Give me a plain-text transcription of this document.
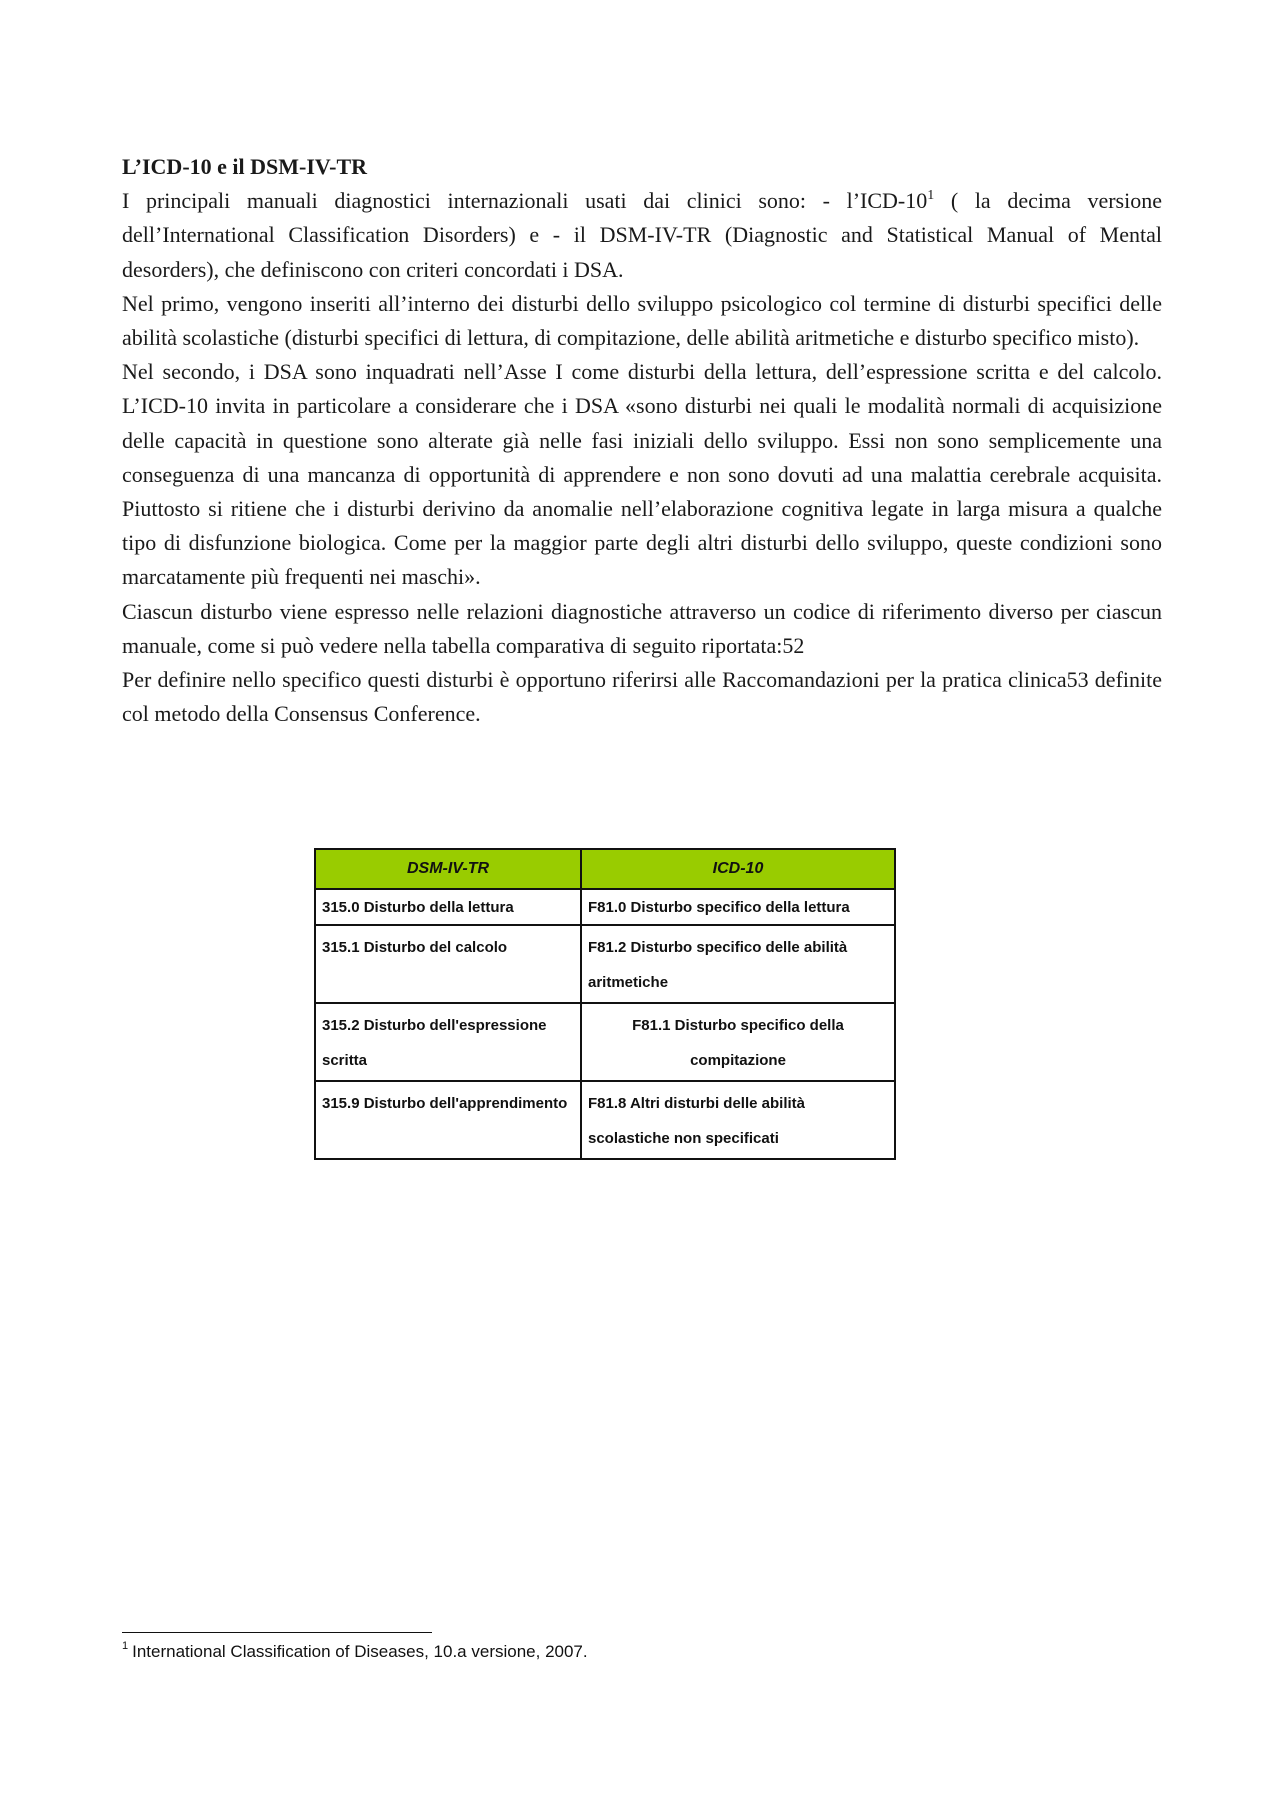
L’ICD-10 e il DSM-IV-TR

I principali manuali diagnostici internazionali usati dai clinici sono: - $l’ICD-10^1$ ( la decima versione dell’International Classification Disorders) e - il DSM-IV-TR (Diagnostic and Statistical Manual of Mental desorders), che definiscono con criteri concordati i DSA.

Nel primo, vengono inseriti all’interno dei disturbi dello sviluppo psicologico col termine di disturbi specifici delle abilità scolastiche (disturbi specifici di lettura, di compitazione, delle abilità aritmetiche e disturbo specifico misto).

Nel secondo, i DSA sono inquadrati nell’Asse I come disturbi della lettura, dell’espressione scritta e del calcolo. L’ICD-10 invita in particolare a considerare che i DSA «sono disturbi nei quali le modalità normali di acquisizione delle capacità in questione sono alterate già nelle fasi iniziali dello sviluppo. Essi non sono semplicemente una conseguenza di una mancanza di opportunità di apprendere e non sono dovuti ad una malattia cerebrale acquisita. Piuttosto si ritiene che i disturbi derivino da anomalie nell’elaborazione cognitiva legate in larga misura a qualche tipo di disfunzione biologica. Come per la maggior parte degli altri disturbi dello sviluppo, queste condizioni sono marcatamente più frequenti nei maschi».

Ciascun disturbo viene espresso nelle relazioni diagnostiche attraverso un codice di riferimento diverso per ciascun manuale, come si può vedere nella tabella comparativa di seguito riportata:52

Per definire nello specifico questi disturbi è opportuno riferirsi alle Raccomandazioni per la pratica clinica53 definite col metodo della Consensus Conference.

DSM-IV-TR	ICD-10
315.0 Disturbo della lettura	F81.0 Disturbo specifico della lettura
315.1 Disturbo del calcolo	F81.2 Disturbo specifico delle abilità aritmetiche
315.2 Disturbo dell'espressione scritta	F81.1 Disturbo specifico della compitazione
315.9 Disturbo dell'apprendimento	F81.8 Altri disturbi delle abilità scolastiche non specificati
$^1$ International Classification of Diseases, 10.a versione, 2007.
